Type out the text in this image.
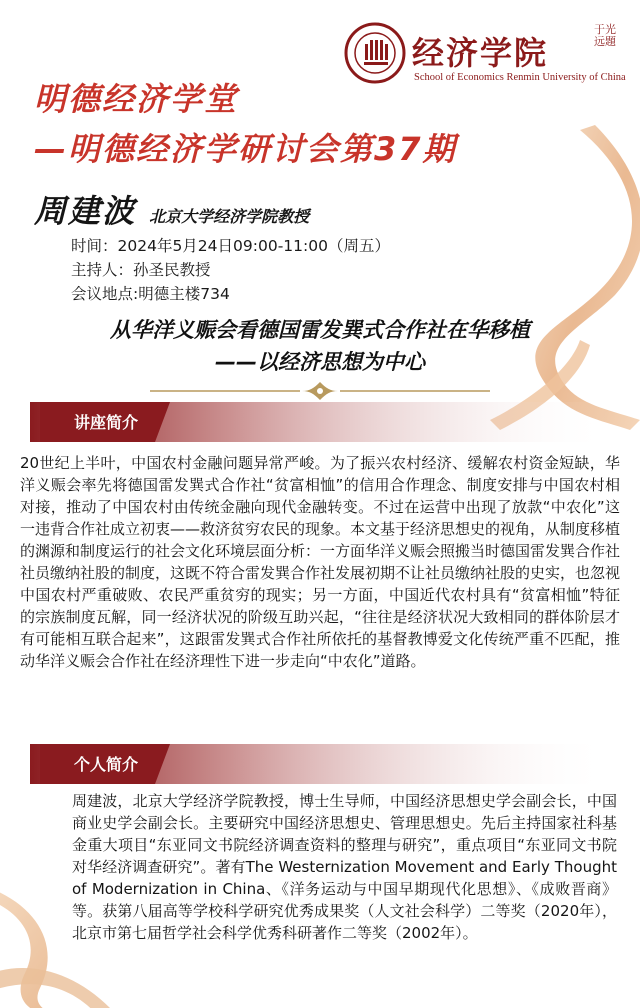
经济学院
于光远題
School of Economics Renmin University of China
明德经济学堂
—明德经济学研讨会第37期
周建波 北京大学经济学院教授
时间：2024年5月24日09:00-11:00（周五）
主持人：孙圣民教授
会议地点:明德主楼734
从华洋义赈会看德国雷发巽式合作社在华移植
——以经济思想为中心
讲座简介
20世纪上半叶，中国农村金融问题异常严峻。为了振兴农村经济、缓解农村资金短缺，华洋义赈会率先将德国雷发巽式合作社“贫富相恤”的信用合作理念、制度安排与中国农村相对接，推动了中国农村由传统金融向现代金融转变。不过在运营中出现了放款“中农化”这一违背合作社成立初衷——救济贫穷农民的现象。本文基于经济思想史的视角，从制度移植的渊源和制度运行的社会文化环境层面分析：一方面华洋义赈会照搬当时德国雷发巽合作社社员缴纳社股的制度，这既不符合雷发巽合作社发展初期不让社员缴纳社股的史实，也忽视中国农村严重破败、农民严重贫穷的现实；另一方面，中国近代农村具有“贫富相恤”特征的宗族制度瓦解，同一经济状况的阶级互助兴起，“往往是经济状况大致相同的群体阶层才有可能相互联合起来”，这跟雷发巽式合作社所依托的基督教博爱文化传统严重不匹配，推动华洋义赈会合作社在经济理性下进一步走向“中农化”道路。
个人简介
周建波，北京大学经济学院教授，博士生导师，中国经济思想史学会副会长，中国商业史学会副会长。主要研究中国经济思想史、管理思想史。先后主持国家社科基金重大项目“东亚同文书院经济调查资料的整理与研究”，重点项目“东亚同文书院对华经济调查研究”。著有The Westernization Movement and Early Thought of Modernization in China、《洋务运动与中国早期现代化思想》、《成败晋商》等。获第八届高等学校科学研究优秀成果奖（人文社会科学）二等奖（2020年），北京市第七届哲学社会科学优秀科研著作二等奖（2002年）。
